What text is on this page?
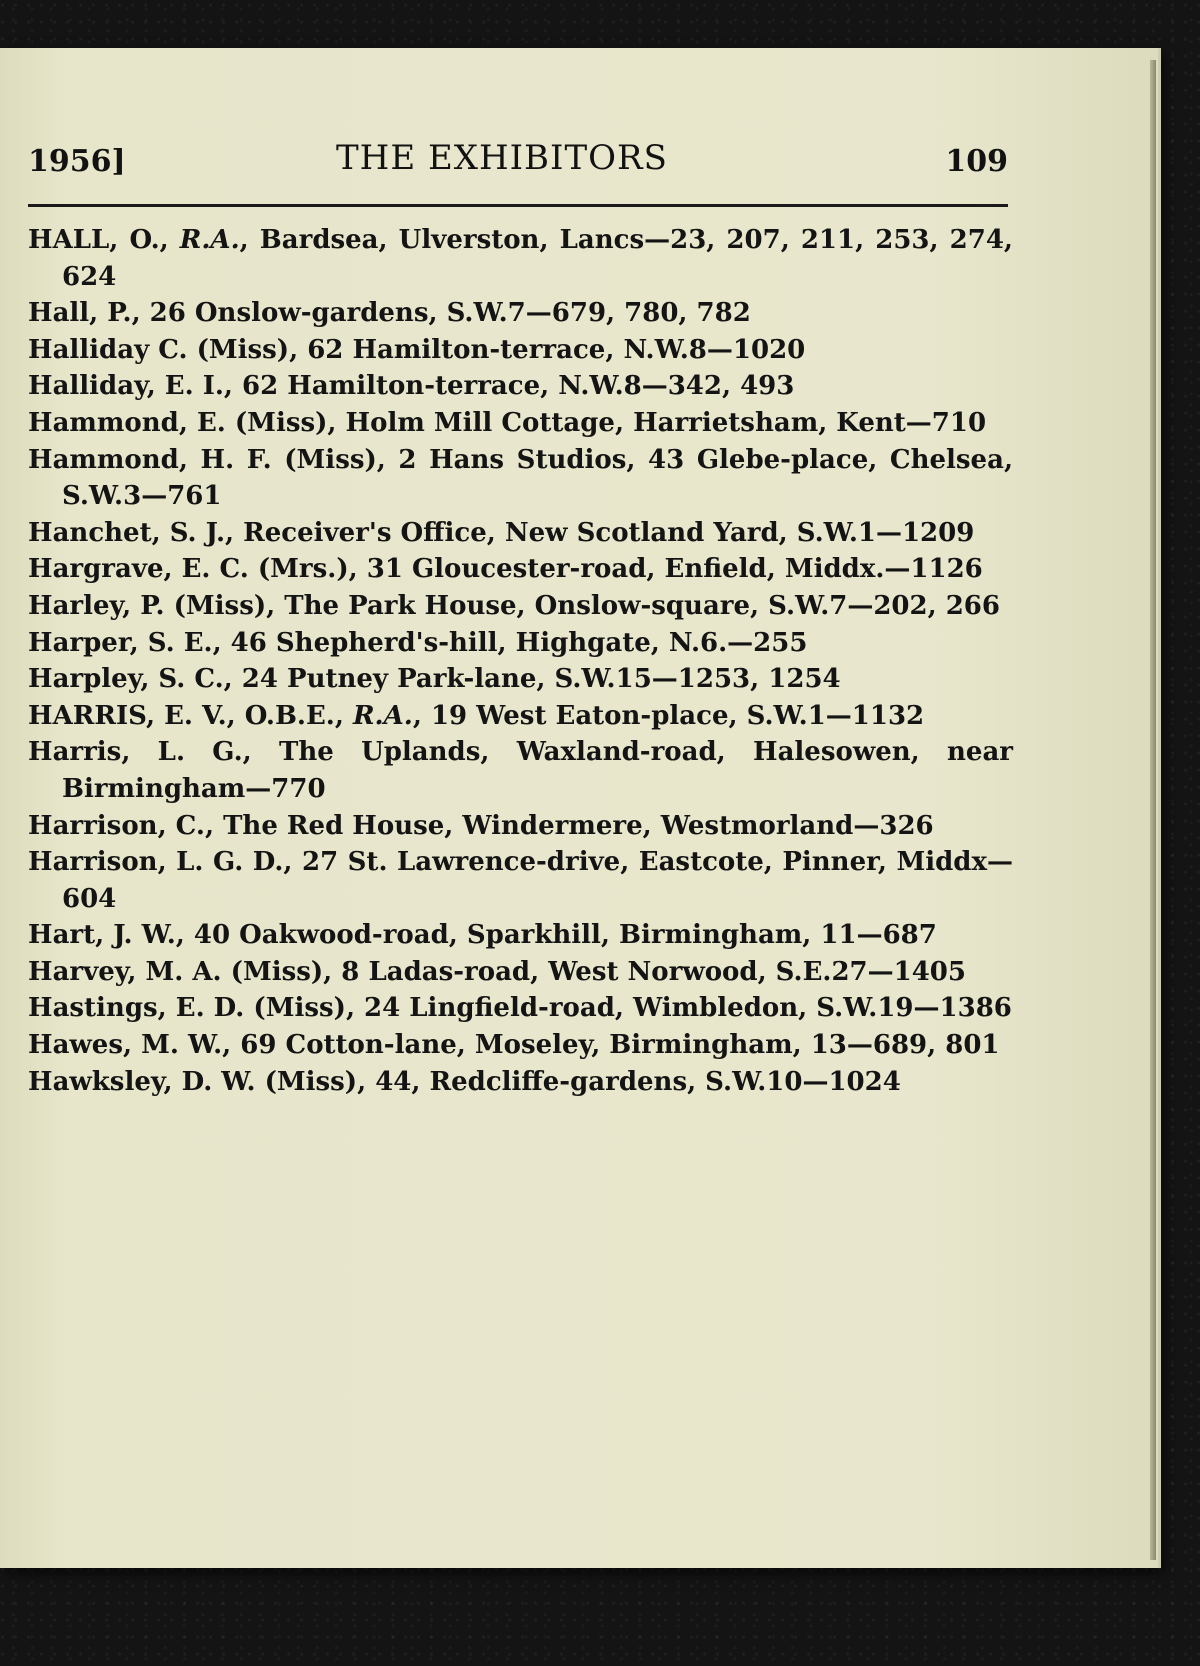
1956]	THE EXHIBITORS	109
HALL, O., R.A., Bardsea, Ulverston, Lancs—23, 207, 211, 253, 274, 624
Hall, P., 26 Onslow-gardens, S.W.7—679, 780, 782
Halliday C. (Miss), 62 Hamilton-terrace, N.W.8—1020
Halliday, E. I., 62 Hamilton-terrace, N.W.8—342, 493
Hammond, E. (Miss), Holm Mill Cottage, Harrietsham, Kent—710
Hammond, H. F. (Miss), 2 Hans Studios, 43 Glebe-place, Chelsea, S.W.3—761
Hanchet, S. J., Receiver's Office, New Scotland Yard, S.W.1—1209
Hargrave, E. C. (Mrs.), 31 Gloucester-road, Enfield, Middx.—1126
Harley, P. (Miss), The Park House, Onslow-square, S.W.7—202, 266
Harper, S. E., 46 Shepherd's-hill, Highgate, N.6.—255
Harpley, S. C., 24 Putney Park-lane, S.W.15—1253, 1254
HARRIS, E. V., O.B.E., R.A., 19 West Eaton-place, S.W.1—1132
Harris, L. G., The Uplands, Waxland-road, Halesowen, near Birmingham—770
Harrison, C., The Red House, Windermere, Westmorland—326
Harrison, L. G. D., 27 St. Lawrence-drive, Eastcote, Pinner, Middx—604
Hart, J. W., 40 Oakwood-road, Sparkhill, Birmingham, 11—687
Harvey, M. A. (Miss), 8 Ladas-road, West Norwood, S.E.27—1405
Hastings, E. D. (Miss), 24 Lingfield-road, Wimbledon, S.W.19—1386
Hawes, M. W., 69 Cotton-lane, Moseley, Birmingham, 13—689, 801
Hawksley, D. W. (Miss), 44, Redcliffe-gardens, S.W.10—1024
